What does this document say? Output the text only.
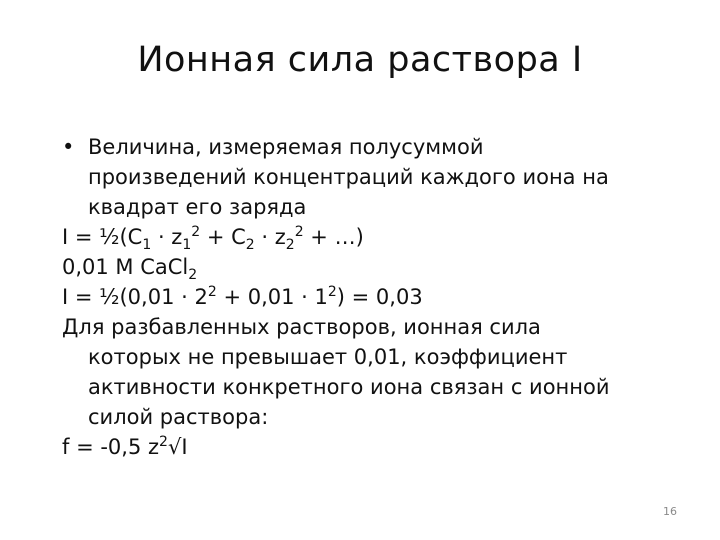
Ионная сила раствора I
• Величина, измеряемая полусуммой
произведений концентраций каждого иона на
квадрат его заряда
$I = \frac{1}{2}(C_1 \cdot z_1^2 + C_2 \cdot z_2^2$ + …)
0,01 M CaCl$_2$
I = ½(0,01 · $2^2 + 0,01 \cdot 1^2) = 0,03$
Для разбавленных растворов, ионная сила
которых не превышает 0,01, коэффициент
активности конкретного иона связан с ионной
силой раствора:
f = -0,5 $z^2√I$
16
